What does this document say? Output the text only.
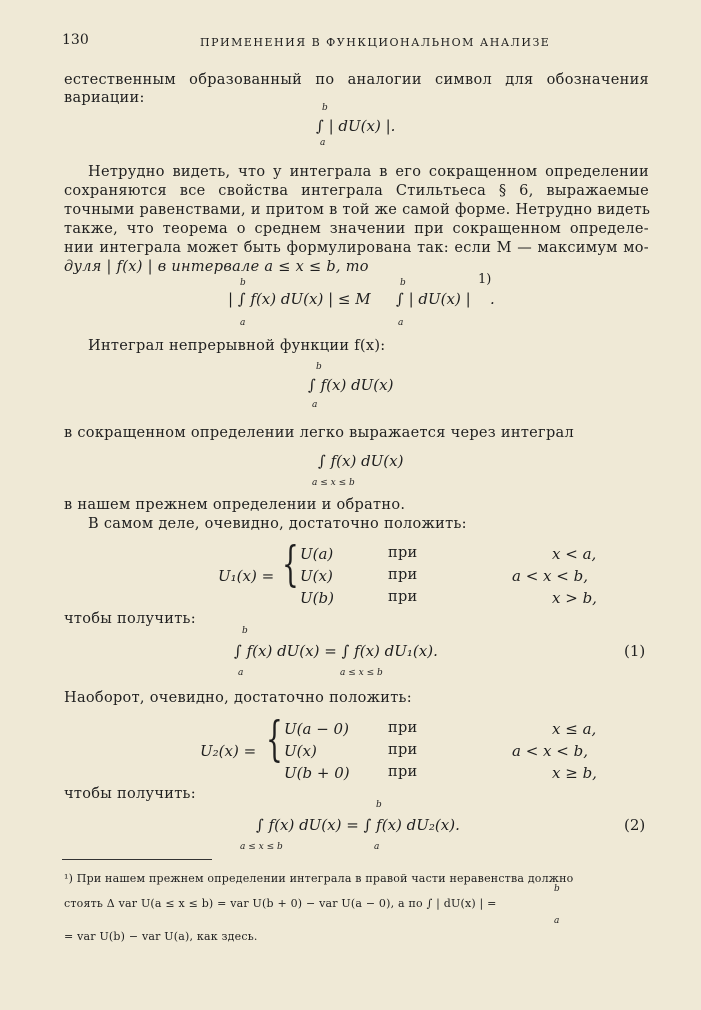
130	ПРИМЕНЕНИЯ В ФУНКЦИОНАЛЬНОМ АНАЛИЗЕ
естественным образованный по аналогии символ для обозначения
вариации:
b
∫ | dU(x) |.
a
Нетрудно видеть, что у интеграла в его сокращенном определении
сохраняются все свойства интеграла Стильтьеса § 6, выражаемые
точными равенствами, и притом в той же самой форме. Нетрудно видеть
также, что теорема о среднем значении при сокращенном определе-
нии интеграла может быть формулирована так: если M — максимум мо-
дуля | f(x) | в интервале a ≤ x ≤ b, то
b
| ∫ f(x) dU(x) | ≤ M
a
b
∫ | dU(x) |
a
1)
.
Интеграл непрерывной функции f(x):
b
∫ f(x) dU(x)
a
в сокращенном определении легко выражается через интеграл
∫ f(x) dU(x)
a ≤ x ≤ b
в нашем прежнем определении и обратно.
В самом деле, очевидно, достаточно положить:
U₁(x) = { U(a)	при	x < a,
U(x)	при	a < x < b,
U(b)	при	x > b,
чтобы получить:
b
∫ f(x) dU(x) = ∫ f(x) dU₁(x).
a	a ≤ x ≤ b
(1)
Наоборот, очевидно, достаточно положить:
U₂(x) = { U(a − 0)	при	x ≤ a,
U(x)	при	a < x < b,
U(b + 0)	при	x ≥ b,
чтобы получить:
b
∫ f(x) dU(x) = ∫ f(x) dU₂(x).
a ≤ x ≤ b	a
(2)
¹) При нашем прежнем определении интеграла в правой части неравенства должно
b
стоять Δ var U(a ≤ x ≤ b) = var U(b + 0) − var U(a − 0), а по ∫ | dU(x) | =
a
= var U(b) − var U(a), как здесь.
